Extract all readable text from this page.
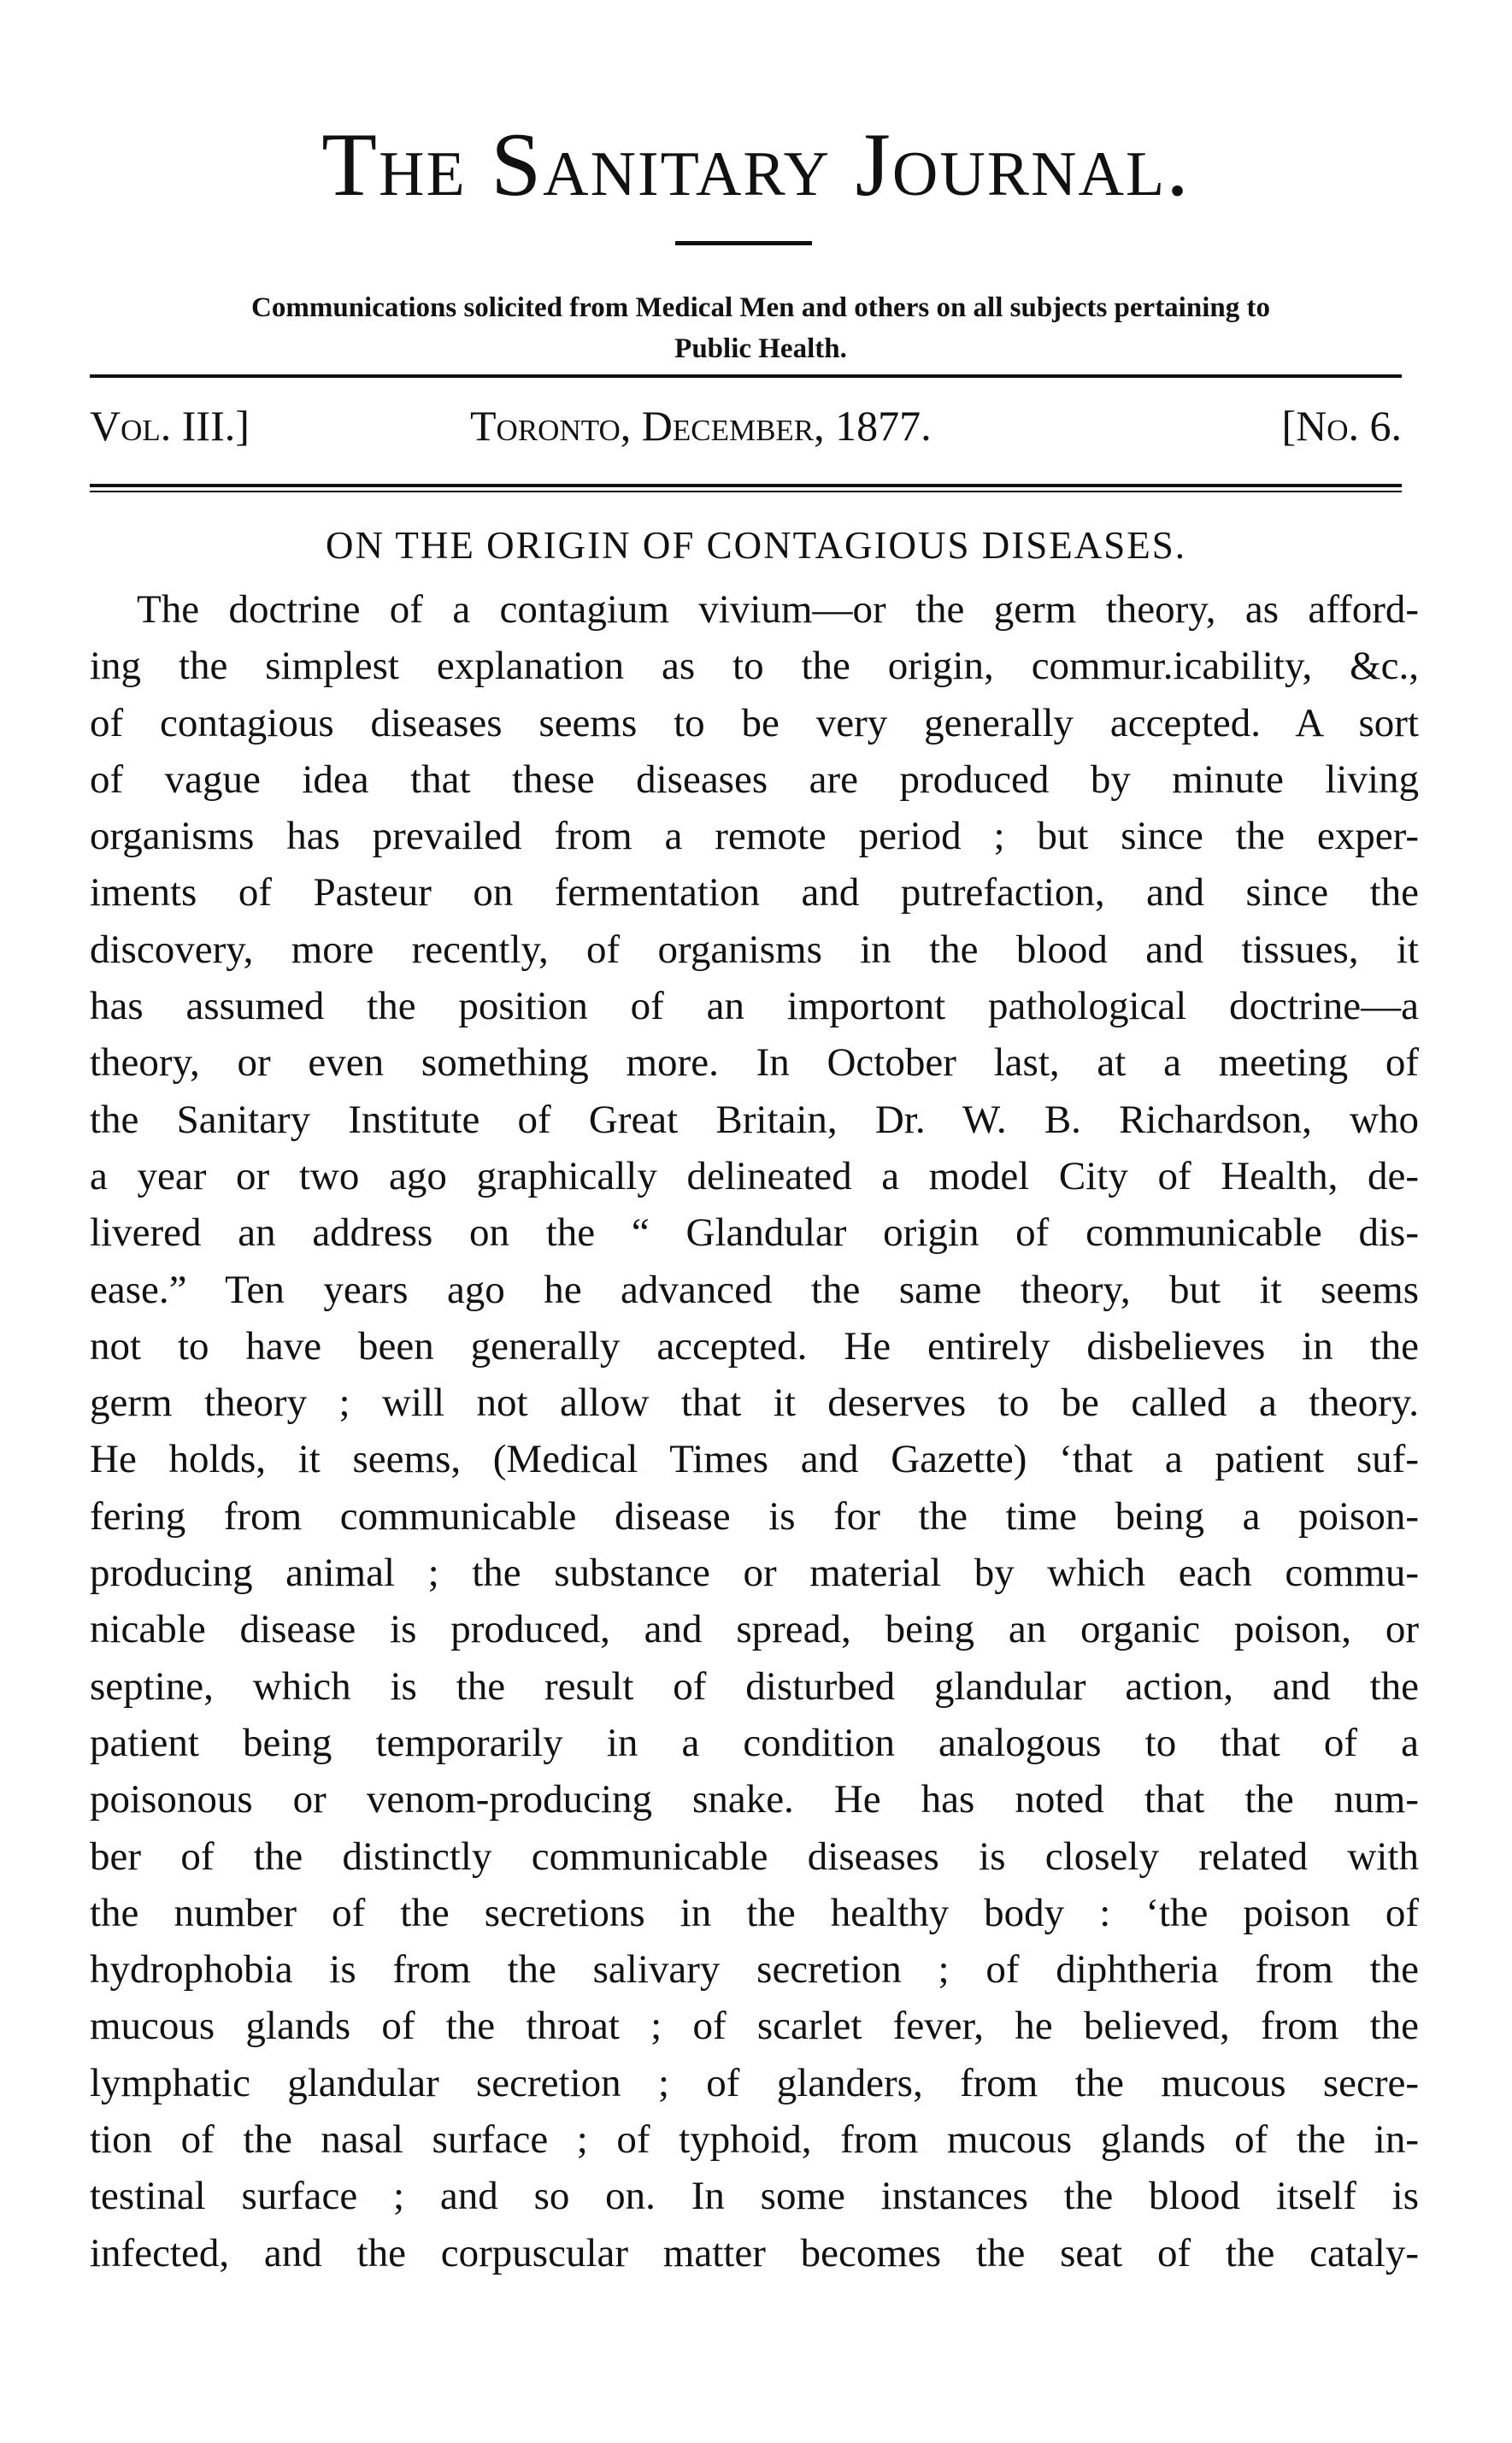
The Sanitary Journal.
Communications solicited from Medical Men and others on all subjects pertaining to
Public Health.
Vol. III.]	Toronto, December, 1877.	[No. 6.
ON THE ORIGIN OF CONTAGIOUS DISEASES.
The doctrine of a contagium vivium—or the germ theory, as afford-
ing the simplest explanation as to the origin, commur.icability, &c.,
of contagious diseases seems to be very generally accepted. A sort
of vague idea that these diseases are produced by minute living
organisms has prevailed from a remote period ; but since the exper-
iments of Pasteur on fermentation and putrefaction, and since the
discovery, more recently, of organisms in the blood and tissues, it
has assumed the position of an importont pathological doctrine—a
theory, or even something more. In October last, at a meeting of
the Sanitary Institute of Great Britain, Dr. W. B. Richardson, who
a year or two ago graphically delineated a model City of Health, de-
livered an address on the “ Glandular origin of communicable dis-
ease.” Ten years ago he advanced the same theory, but it seems
not to have been generally accepted. He entirely disbelieves in the
germ theory ; will not allow that it deserves to be called a theory.
He holds, it seems, (Medical Times and Gazette) ‘that a patient suf-
fering from communicable disease is for the time being a poison-
producing animal ; the substance or material by which each commu-
nicable disease is produced, and spread, being an organic poison, or
septine, which is the result of disturbed glandular action, and the
patient being temporarily in a condition analogous to that of a
poisonous or venom-producing snake. He has noted that the num-
ber of the distinctly communicable diseases is closely related with
the number of the secretions in the healthy body : ‘the poison of
hydrophobia is from the salivary secretion ; of diphtheria from the
mucous glands of the throat ; of scarlet fever, he believed, from the
lymphatic glandular secretion ; of glanders, from the mucous secre-
tion of the nasal surface ; of typhoid, from mucous glands of the in-
testinal surface ; and so on. In some instances the blood itself is
infected, and the corpuscular matter becomes the seat of the cataly-
